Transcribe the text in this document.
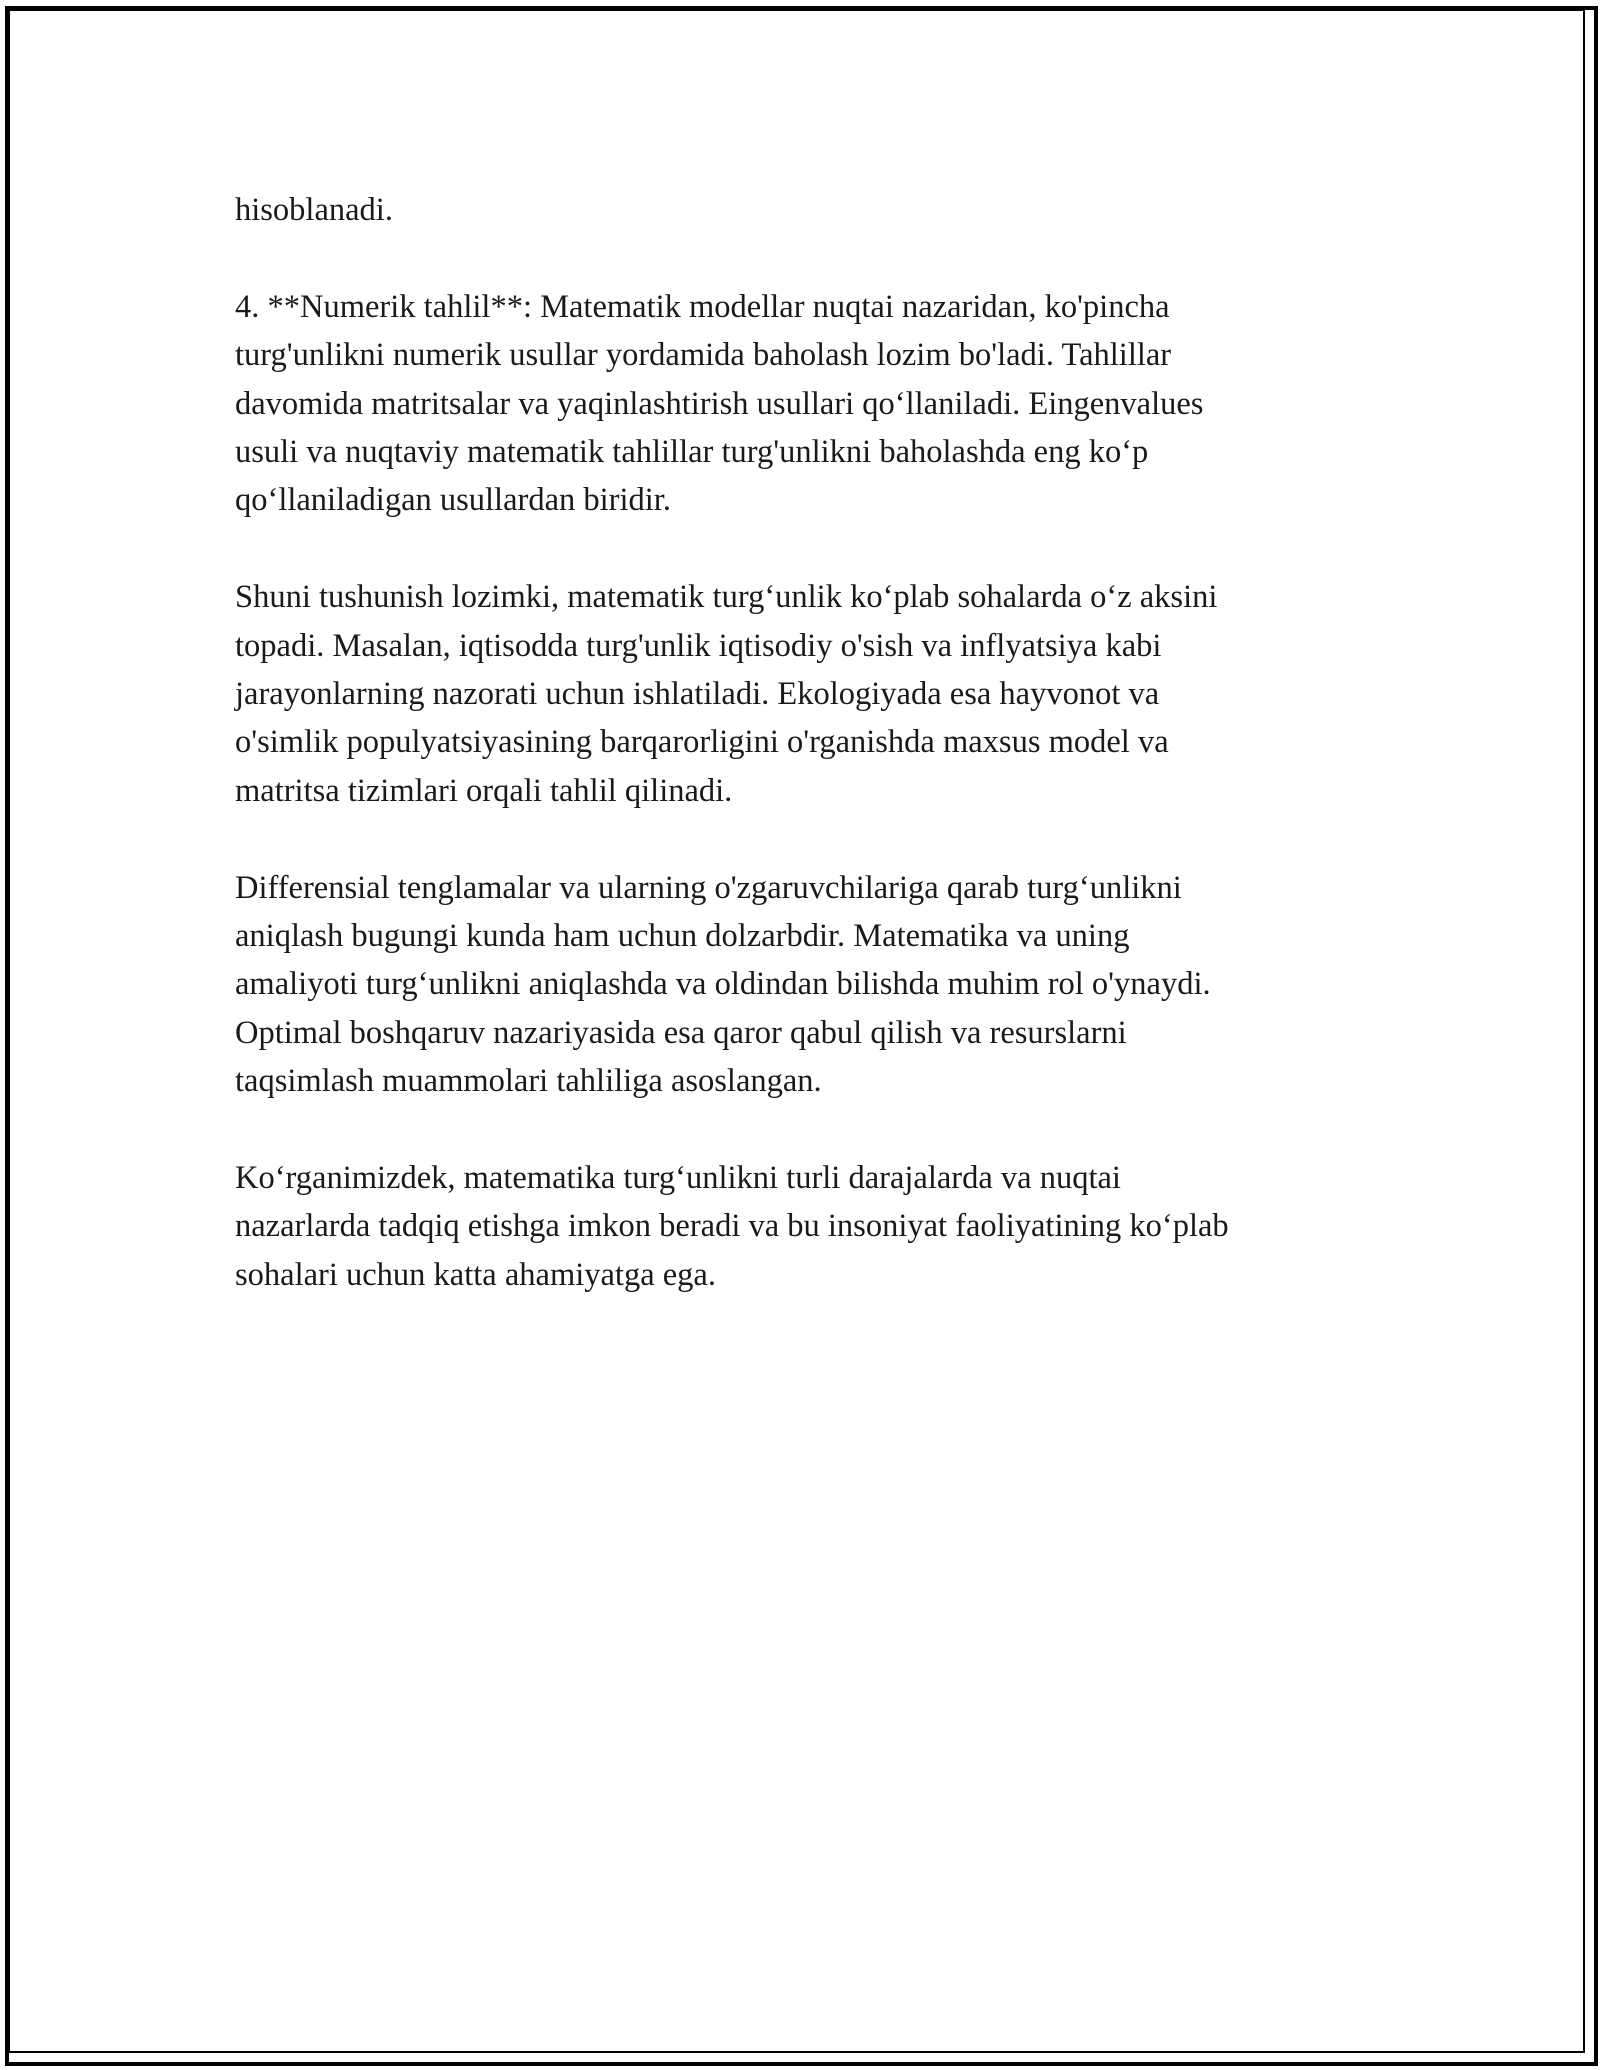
hisoblanadi.

4. **Numerik tahlil**: Matematik modellar nuqtai nazaridan, ko'pincha
turg'unlikni numerik usullar yordamida baholash lozim bo'ladi. Tahlillar
davomida matritsalar va yaqinlashtirish usullari qo‘llaniladi. Eingenvalues
usuli va nuqtaviy matematik tahlillar turg'unlikni baholashda eng ko‘p
qo‘llaniladigan usullardan biridir.

Shuni tushunish lozimki, matematik turg‘unlik ko‘plab sohalarda o‘z aksini
topadi. Masalan, iqtisodda turg'unlik iqtisodiy o'sish va inflyatsiya kabi
jarayonlarning nazorati uchun ishlatiladi. Ekologiyada esa hayvonot va
o'simlik populyatsiyasining barqarorligini o'rganishda maxsus model va
matritsa tizimlari orqali tahlil qilinadi.

Differensial tenglamalar va ularning o'zgaruvchilariga qarab turg‘unlikni
aniqlash bugungi kunda ham uchun dolzarbdir. Matematika va uning
amaliyoti turg‘unlikni aniqlashda va oldindan bilishda muhim rol o'ynaydi.
Optimal boshqaruv nazariyasida esa qaror qabul qilish va resurslarni
taqsimlash muammolari tahliliga asoslangan.

Ko‘rganimizdek, matematika turg‘unlikni turli darajalarda va nuqtai
nazarlarda tadqiq etishga imkon beradi va bu insoniyat faoliyatining ko‘plab
sohalari uchun katta ahamiyatga ega.
